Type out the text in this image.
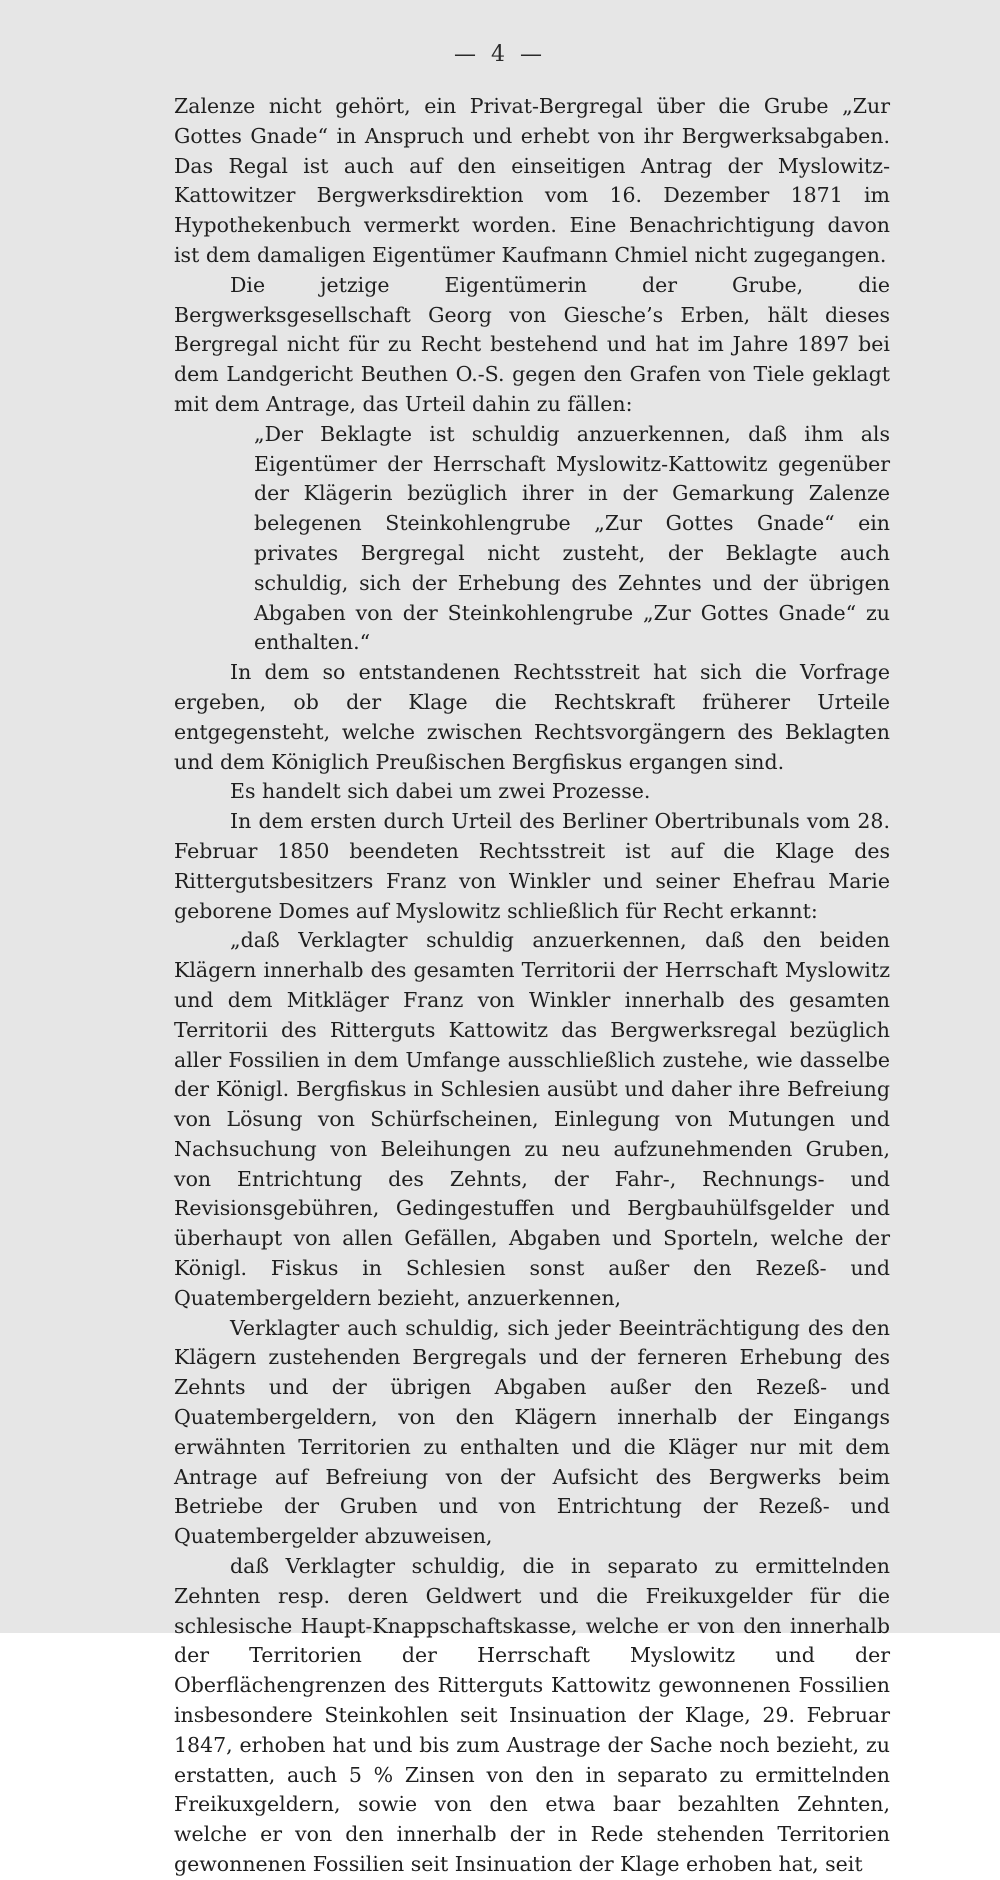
— 4 —

Zalenze nicht gehört, ein Privat-Bergregal über die Grube „Zur Gottes Gnade“ in Anspruch und erhebt von ihr Bergwerksabgaben. Das Regal ist auch auf den einseitigen Antrag der Myslowitz-Kattowitzer Bergwerksdirektion vom 16. Dezember 1871 im Hypothekenbuch vermerkt worden. Eine Benachrichtigung davon ist dem damaligen Eigentümer Kaufmann Chmiel nicht zugegangen.

Die jetzige Eigentümerin der Grube, die Bergwerksgesellschaft Georg von Giesche’s Erben, hält dieses Bergregal nicht für zu Recht bestehend und hat im Jahre 1897 bei dem Landgericht Beuthen O.-S. gegen den Grafen von Tiele geklagt mit dem Antrage, das Urteil dahin zu fällen:

„Der Beklagte ist schuldig anzuerkennen, daß ihm als Eigentümer der Herrschaft Myslowitz-Kattowitz gegenüber der Klägerin bezüglich ihrer in der Gemarkung Zalenze belegenen Steinkohlengrube „Zur Gottes Gnade“ ein privates Bergregal nicht zusteht, der Beklagte auch schuldig, sich der Erhebung des Zehntes und der übrigen Abgaben von der Steinkohlengrube „Zur Gottes Gnade“ zu enthalten.“

In dem so entstandenen Rechtsstreit hat sich die Vorfrage ergeben, ob der Klage die Rechtskraft früherer Urteile entgegensteht, welche zwischen Rechtsvorgängern des Beklagten und dem Königlich Preußischen Bergfiskus ergangen sind.

Es handelt sich dabei um zwei Prozesse.

In dem ersten durch Urteil des Berliner Obertribunals vom 28. Februar 1850 beendeten Rechtsstreit ist auf die Klage des Rittergutsbesitzers Franz von Winkler und seiner Ehefrau Marie geborene Domes auf Myslowitz schließlich für Recht erkannt:

„daß Verklagter schuldig anzuerkennen, daß den beiden Klägern innerhalb des gesamten Territorii der Herrschaft Myslowitz und dem Mitkläger Franz von Winkler innerhalb des gesamten Territorii des Ritterguts Kattowitz das Bergwerksregal bezüglich aller Fossilien in dem Umfange ausschließlich zustehe, wie dasselbe der Königl. Bergfiskus in Schlesien ausübt und daher ihre Befreiung von Lösung von Schürfscheinen, Einlegung von Mutungen und Nachsuchung von Beleihungen zu neu aufzunehmenden Gruben, von Entrichtung des Zehnts, der Fahr-, Rechnungs- und Revisionsgebühren, Gedingestuffen und Bergbauhülfsgelder und überhaupt von allen Gefällen, Abgaben und Sporteln, welche der Königl. Fiskus in Schlesien sonst außer den Rezeß- und Quatembergeldern bezieht, anzuerkennen,

Verklagter auch schuldig, sich jeder Beeinträchtigung des den Klägern zustehenden Bergregals und der ferneren Erhebung des Zehnts und der übrigen Abgaben außer den Rezeß- und Quatembergeldern, von den Klägern innerhalb der Eingangs erwähnten Territorien zu enthalten und die Kläger nur mit dem Antrage auf Befreiung von der Aufsicht des Bergwerks beim Betriebe der Gruben und von Entrichtung der Rezeß- und Quatembergelder abzuweisen,

daß Verklagter schuldig, die in separato zu ermittelnden Zehnten resp. deren Geldwert und die Freikuxgelder für die schlesische Haupt-Knappschaftskasse, welche er von den innerhalb der Territorien der Herrschaft Myslowitz und der Oberflächengrenzen des Ritterguts Kattowitz gewonnenen Fossilien insbesondere Steinkohlen seit Insinuation der Klage, 29. Februar 1847, erhoben hat und bis zum Austrage der Sache noch bezieht, zu erstatten, auch 5 % Zinsen von den in separato zu ermittelnden Freikuxgeldern, sowie von den etwa baar bezahlten Zehnten, welche er von den innerhalb der in Rede stehenden Territorien gewonnenen Fossilien seit Insinuation der Klage erhoben hat, seit
